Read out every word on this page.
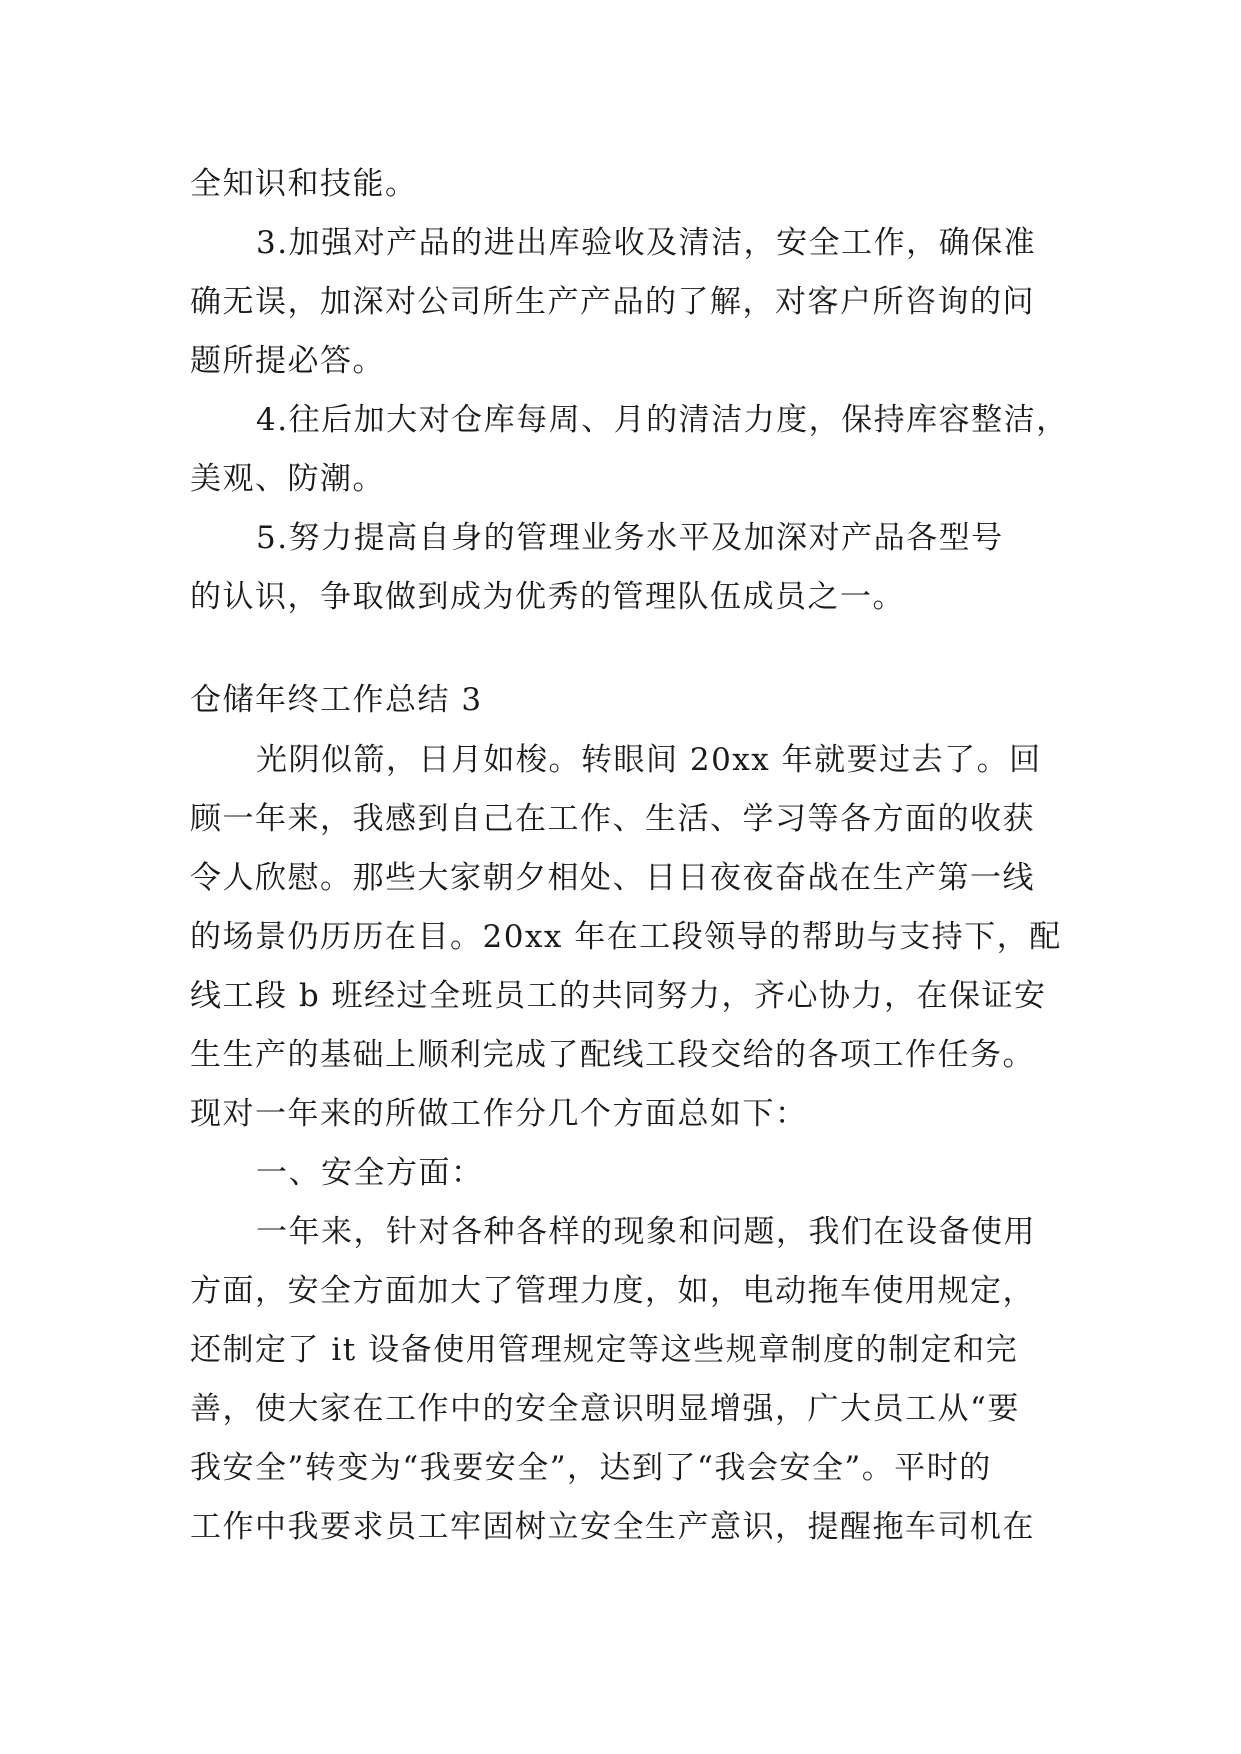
全知识和技能。
3.加强对产品的进出库验收及清洁，安全工作，确保准
确无误，加深对公司所生产产品的了解，对客户所咨询的问
题所提必答。
4.往后加大对仓库每周、月的清洁力度，保持库容整洁，
美观、防潮。
5.努力提高自身的管理业务水平及加深对产品各型号
的认识，争取做到成为优秀的管理队伍成员之一。
仓储年终工作总结 3
光阴似箭，日月如梭。转眼间 20xx 年就要过去了。回
顾一年来，我感到自己在工作、生活、学习等各方面的收获
令人欣慰。那些大家朝夕相处、日日夜夜奋战在生产第一线
的场景仍历历在目。20xx 年在工段领导的帮助与支持下，配
线工段 b 班经过全班员工的共同努力，齐心协力，在保证安
生生产的基础上顺利完成了配线工段交给的各项工作任务。
现对一年来的所做工作分几个方面总如下：
一、安全方面：
一年来，针对各种各样的现象和问题，我们在设备使用
方面，安全方面加大了管理力度，如，电动拖车使用规定，
还制定了 it 设备使用管理规定等这些规章制度的制定和完
善，使大家在工作中的安全意识明显增强，广大员工从“要
我安全”转变为“我要安全”，达到了“我会安全”。平时的
工作中我要求员工牢固树立安全生产意识，提醒拖车司机在
